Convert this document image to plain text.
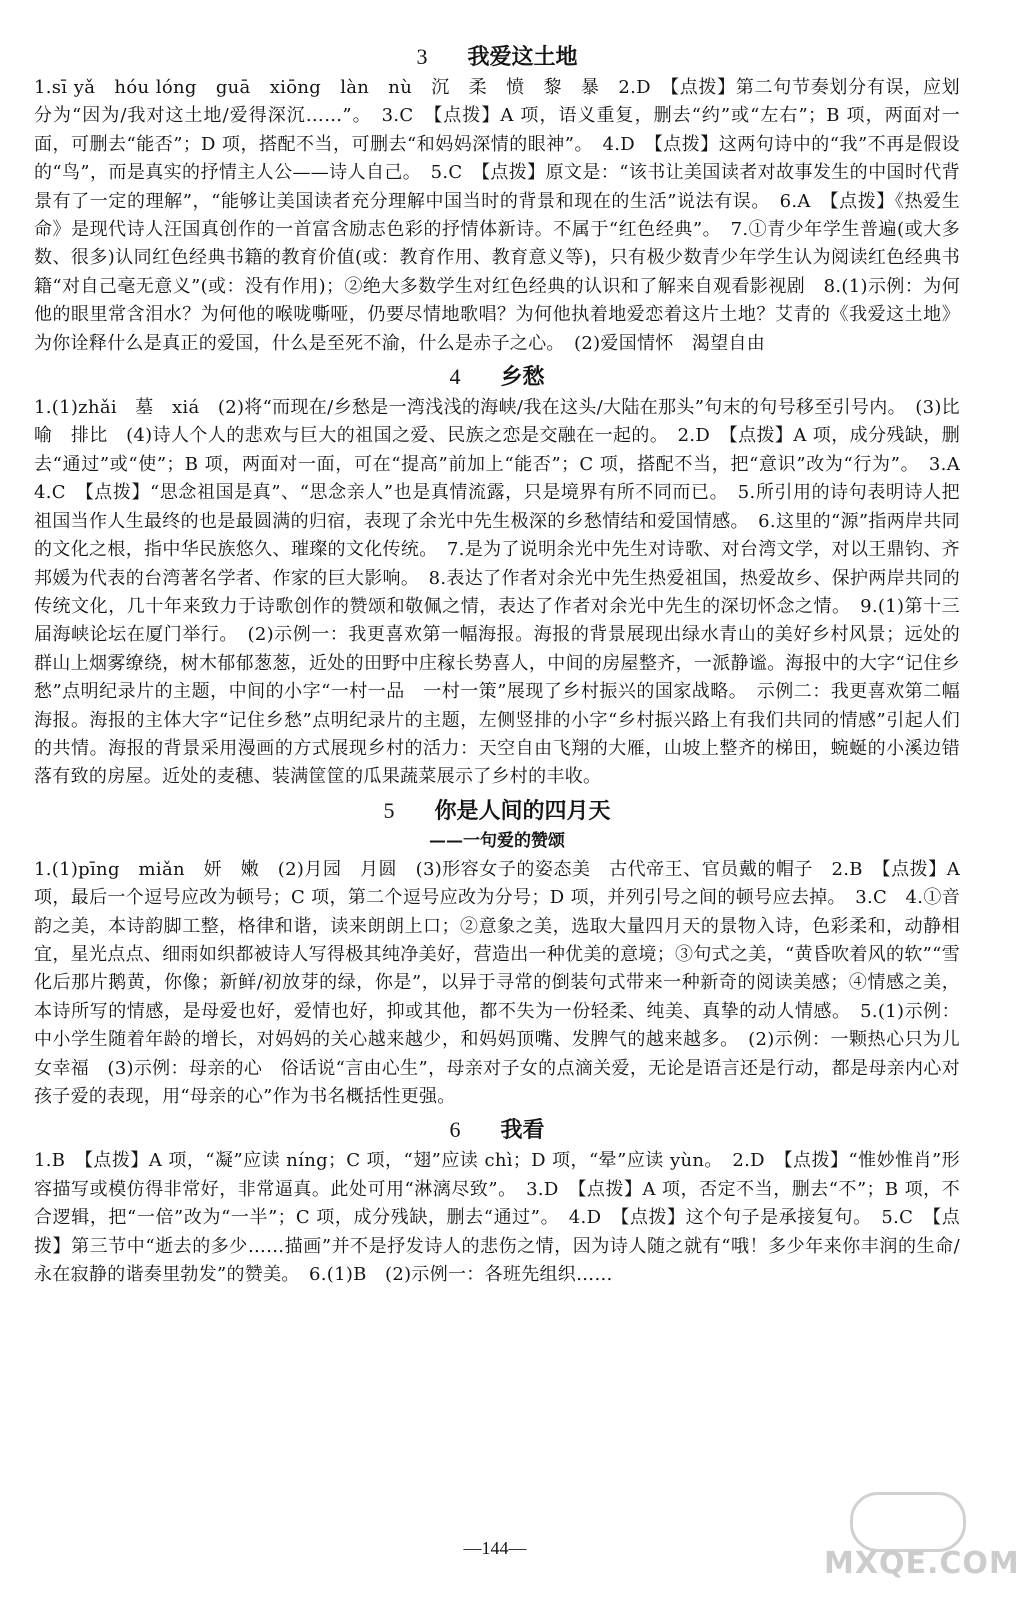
3 我爱这土地

1.sī yǎ　hóu lóng　guā　xiōng　làn　nù　沉　柔　愤　黎　暴　2.D　【点拨】第二句节奏划分有误，应划分为“因为/我对这土地/爱得深沉……”。　3.C　【点拨】A 项，语义重复，删去“约”或“左右”；B 项，两面对一面，可删去“能否”；D 项，搭配不当，可删去“和妈妈深情的眼神”。　4.D　【点拨】这两句诗中的“我”不再是假设的“鸟”，而是真实的抒情主人公——诗人自己。　5.C　【点拨】原文是：“该书让美国读者对故事发生的中国时代背景有了一定的理解”，“能够让美国读者充分理解中国当时的背景和现在的生活”说法有误。　6.A　【点拨】《热爱生命》是现代诗人汪国真创作的一首富含励志色彩的抒情体新诗。不属于“红色经典”。　7.①青少年学生普遍(或大多数、很多)认同红色经典书籍的教育价值(或：教育作用、教育意义等)，只有极少数青少年学生认为阅读红色经典书籍“对自己毫无意义”(或：没有作用)；②绝大多数学生对红色经典的认识和了解来自观看影视剧　8.(1)示例：为何他的眼里常含泪水？为何他的喉咙嘶哑，仍要尽情地歌唱？为何他执着地爱恋着这片土地？艾青的《我爱这土地》为你诠释什么是真正的爱国，什么是至死不渝，什么是赤子之心。　(2)爱国情怀　渴望自由

4 乡愁

1.(1)zhǎi　墓　xiá　(2)将“而现在/乡愁是一湾浅浅的海峡/我在这头/大陆在那头”句末的句号移至引号内。　(3)比喻　排比　(4)诗人个人的悲欢与巨大的祖国之爱、民族之恋是交融在一起的。　2.D　【点拨】A 项，成分残缺，删去“通过”或“使”；B 项，两面对一面，可在“提高”前加上“能否”；C 项，搭配不当，把“意识”改为“行为”。　3.A　4.C　【点拨】“思念祖国是真”、“思念亲人”也是真情流露，只是境界有所不同而已。　5.所引用的诗句表明诗人把祖国当作人生最终的也是最圆满的归宿，表现了余光中先生极深的乡愁情结和爱国情感。　6.这里的“源”指两岸共同的文化之根，指中华民族悠久、璀璨的文化传统。　7.是为了说明余光中先生对诗歌、对台湾文学，对以王鼎钧、齐邦媛为代表的台湾著名学者、作家的巨大影响。　8.表达了作者对余光中先生热爱祖国，热爱故乡、保护两岸共同的传统文化，几十年来致力于诗歌创作的赞颂和敬佩之情，表达了作者对余光中先生的深切怀念之情。　9.(1)第十三届海峡论坛在厦门举行。　(2)示例一：我更喜欢第一幅海报。海报的背景展现出绿水青山的美好乡村风景；远处的群山上烟雾缭绕，树木郁郁葱葱，近处的田野中庄稼长势喜人，中间的房屋整齐，一派静谧。海报中的大字“记住乡愁”点明纪录片的主题，中间的小字“一村一品　一村一策”展现了乡村振兴的国家战略。　示例二：我更喜欢第二幅海报。海报的主体大字“记住乡愁”点明纪录片的主题，左侧竖排的小字“乡村振兴路上有我们共同的情感”引起人们的共情。海报的背景采用漫画的方式展现乡村的活力：天空自由飞翔的大雁，山坡上整齐的梯田，蜿蜒的小溪边错落有致的房屋。近处的麦穗、装满筐筐的瓜果蔬菜展示了乡村的丰收。

5 你是人间的四月天
——一句爱的赞颂

1.(1)pīng　miǎn　妍　嫩　(2)月园　月圆　(3)形容女子的姿态美　古代帝王、官员戴的帽子　2.B　【点拨】A 项，最后一个逗号应改为顿号；C 项，第二个逗号应改为分号；D 项，并列引号之间的顿号应去掉。　3.C　4.①音韵之美，本诗韵脚工整，格律和谐，读来朗朗上口；②意象之美，选取大量四月天的景物入诗，色彩柔和，动静相宜，星光点点、细雨如织都被诗人写得极其纯净美好，营造出一种优美的意境；③句式之美，“黄昏吹着风的软”“雪化后那片鹅黄，你像；新鲜/初放芽的绿，你是”，以异于寻常的倒装句式带来一种新奇的阅读美感；④情感之美，本诗所写的情感，是母爱也好，爱情也好，抑或其他，都不失为一份轻柔、纯美、真挚的动人情感。　5.(1)示例：中小学生随着年龄的增长，对妈妈的关心越来越少，和妈妈顶嘴、发脾气的越来越多。　(2)示例：一颗热心只为儿女幸福　(3)示例：母亲的心　俗话说“言由心生”，母亲对子女的点滴关爱，无论是语言还是行动，都是母亲内心对孩子爱的表现，用“母亲的心”作为书名概括性更强。

6 我看

1.B　【点拨】A 项，“凝”应读 níng；C 项，“翅”应读 chì；D 项，“晕”应读 yùn。　2.D　【点拨】“惟妙惟肖”形容描写或模仿得非常好，非常逼真。此处可用“淋漓尽致”。　3.D　【点拨】A 项，否定不当，删去“不”；B 项，不合逻辑，把“一倍”改为“一半”；C 项，成分残缺，删去“通过”。　4.D　【点拨】这个句子是承接复句。　5.C　【点拨】第三节中“逝去的多少……描画”并不是抒发诗人的悲伤之情，因为诗人随之就有“哦！多少年来你丰润的生命/永在寂静的谐奏里勃发”的赞美。　6.(1)B　(2)示例一：各班先组织……

—144—	MXQE.COM
